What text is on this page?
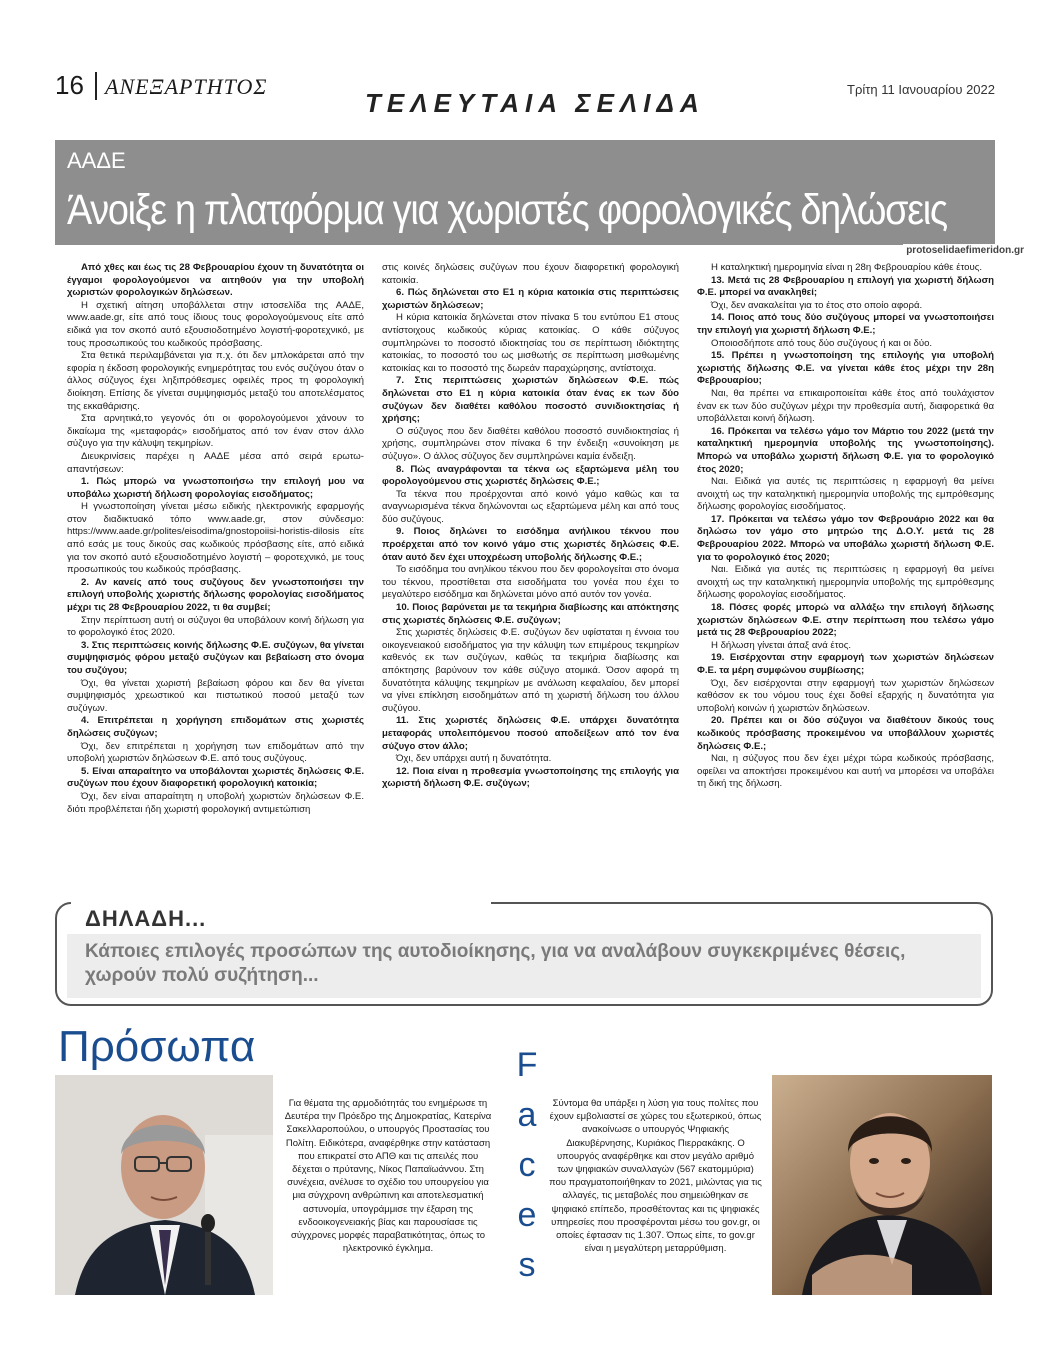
16 ΑΝΕΞΑΡΤΗΤΟΣ
ΤΕΛΕΥΤΑΙΑ ΣΕΛΙΔΑ	Τρίτη 11 Ιανουαρίου 2022
ΑΑΔΕ
Άνοιξε η πλατφόρμα για χωριστές φορολογικές δηλώσεις
protoselidaefimeridon.gr

Από χθες και έως τις 28 Φεβρουαρίου έχουν τη δυνατότητα οι έγγαμοι φορολογούμενοι να αιτηθούν για την υποβολή χωριστών φορολογικών δηλώσεων.

Η σχετική αίτηση υποβάλλεται στην ιστοσελίδα της ΑΑΔΕ, www.aade.gr, είτε από τους ίδιους τους φορολογούμενους είτε από ειδικά για τον σκοπό αυτό εξουσιοδοτημένο λογιστή-φοροτεχνικό, με τους προσωπικούς του κωδικούς πρόσβασης.

Στα θετικά περιλαμβάνεται για π.χ. ότι δεν μπλοκάρεται από την εφορία η έκδοση φορολογικής ενημερότητας του ενός συζύγου όταν ο άλλος σύζυγος έχει ληξιπρόθεσμες οφειλές προς τη φορολογική διοίκηση. Επίσης δε γίνεται συμψηφισμός μεταξύ του αποτελέσματος της εκκαθάρισης.

Στα αρνητικά,το γεγονός ότι οι φορολογούμενοι χάνουν το δικαίωμα της «μεταφοράς» εισοδήματος από τον έναν στον άλλο σύζυγο για την κάλυψη τεκμηρίων.

Διευκρινίσεις παρέχει η ΑΑΔΕ μέσα από σειρά ερωτω-απαντήσεων:

1. Πώς μπορώ να γνωστοποιήσω την επιλογή μου να υποβάλω χωριστή δήλωση φορολογίας εισοδήματος;

Η γνωστοποίηση γίνεται μέσω ειδικής ηλεκτρονικής εφαρμογής στον διαδικτυακό τόπο www.aade.gr, στον σύνδεσμο: https://www.aade.gr/polites/eisodima/gnostopoiisi-horistis-dilosis είτε από εσάς με τους δικούς σας κωδικούς πρόσβασης είτε, από ειδικά για τον σκοπό αυτό εξουσιοδοτημένο λογιστή – φοροτεχνικό, με τους προσωπικούς του κωδικούς πρόσβασης.

2. Αν κανείς από τους συζύγους δεν γνωστοποιήσει την επιλογή υποβολής χωριστής δήλωσης φορολογίας εισοδήματος μέχρι τις 28 Φεβρουαρίου 2022, τι θα συμβεί;

Στην περίπτωση αυτή οι σύζυγοι θα υποβάλουν κοινή δήλωση για το φορολογικό έτος 2020.

3. Στις περιπτώσεις κοινής δήλωσης Φ.Ε. συζύγων, θα γίνεται συμψηφισμός φόρου μεταξύ συζύγων και βεβαίωση στο όνομα του συζύγου;

Όχι, θα γίνεται χωριστή βεβαίωση φόρου και δεν θα γίνεται συμψηφισμός χρεωστικού και πιστωτικού ποσού μεταξύ των συζύγων.

4. Επιτρέπεται η χορήγηση επιδομάτων στις χωριστές δηλώσεις συζύγων;

Όχι, δεν επιτρέπεται η χορήγηση των επιδομάτων από την υποβολή χωριστών δηλώσεων Φ.Ε. από τους συζύγους.

5. Είναι απαραίτητο να υποβάλονται χωριστές δηλώσεις Φ.Ε. συζύγων που έχουν διαφορετική φορολογική κατοικία;

Όχι, δεν είναι απαραίτητη η υποβολή χωριστών δηλώσεων Φ.Ε. διότι προβλέπεται ήδη χωριστή φορολογική αντιμετώπιση

στις κοινές δηλώσεις συζύγων που έχουν διαφορετική φορολογική κατοικία.

6. Πώς δηλώνεται στο Ε1 η κύρια κατοικία στις περιπτώσεις χωριστών δηλώσεων;

Η κύρια κατοικία δηλώνεται στον πίνακα 5 του εντύπου Ε1 στους αντίστοιχους κωδικούς κύριας κατοικίας. Ο κάθε σύζυγος συμπληρώνει το ποσοστό ιδιοκτησίας του σε περίπτωση ιδιόκτητης κατοικίας, το ποσοστό του ως μισθωτής σε περίπτωση μισθωμένης κατοικίας και το ποσοστό της δωρεάν παραχώρησης, αντίστοιχα.

7. Στις περιπτώσεις χωριστών δηλώσεων Φ.Ε. πώς δηλώνεται στο Ε1 η κύρια κατοικία όταν ένας εκ των δύο συζύγων δεν διαθέτει καθόλου ποσοστό συνιδιοκτησίας ή χρήσης;

Ο σύζυγος που δεν διαθέτει καθόλου ποσοστό συνιδιοκτησίας ή χρήσης, συμπληρώνει στον πίνακα 6 την ένδειξη «συνοίκηση με σύζυγο». Ο άλλος σύζυγος δεν συμπληρώνει καμία ένδειξη.

8. Πώς αναγράφονται τα τέκνα ως εξαρτώμενα μέλη του φορολογούμενου στις χωριστές δηλώσεις Φ.Ε.;

Τα τέκνα που προέρχονται από κοινό γάμο καθώς και τα αναγνωρισμένα τέκνα δηλώνονται ως εξαρτώμενα μέλη και από τους δύο συζύγους.

9. Ποιος δηλώνει το εισόδημα ανήλικου τέκνου που προέρχεται από τον κοινό γάμο στις χωριστές δηλώσεις Φ.Ε. όταν αυτό δεν έχει υποχρέωση υποβολής δήλωσης Φ.Ε.;

Το εισόδημα του ανηλίκου τέκνου που δεν φορολογείται στο όνομα του τέκνου, προστίθεται στα εισοδήματα του γονέα που έχει το μεγαλύτερο εισόδημα και δηλώνεται μόνο από αυτόν τον γονέα.

10. Ποιος βαρύνεται με τα τεκμήρια διαβίωσης και απόκτησης στις χωριστές δηλώσεις Φ.Ε. συζύγων;

Στις χωριστές δηλώσεις Φ.Ε. συζύγων δεν υφίσταται η έννοια του οικογενειακού εισοδήματος για την κάλυψη των επιμέρους τεκμηρίων καθενός εκ των συζύγων, καθώς τα τεκμήρια διαβίωσης και απόκτησης βαρύνουν τον κάθε σύζυγο ατομικά. Όσον αφορά τη δυνατότητα κάλυψης τεκμηρίων με ανάλωση κεφαλαίου, δεν μπορεί να γίνει επίκληση εισοδημάτων από τη χωριστή δήλωση του άλλου συζύγου.

11. Στις χωριστές δηλώσεις Φ.Ε. υπάρχει δυνατότητα μεταφοράς υπολειπόμενου ποσού αποδείξεων από τον ένα σύζυγο στον άλλο;

Όχι, δεν υπάρχει αυτή η δυνατότητα.

12. Ποια είναι η προθεσμία γνωστοποίησης της επιλογής για χωριστή δήλωση Φ.Ε. συζύγων;

Η καταληκτική ημερομηνία είναι η 28η Φεβρουαρίου κάθε έτους.

13. Μετά τις 28 Φεβρουαρίου η επιλογή για χωριστή δήλωση Φ.Ε. μπορεί να ανακληθεί;

Όχι, δεν ανακαλείται για το έτος στο οποίο αφορά.

14. Ποιος από τους δύο συζύγους μπορεί να γνωστοποιήσει την επιλογή για χωριστή δήλωση Φ.Ε.;

Οποιοσδήποτε από τους δύο συζύγους ή και οι δύο.

15. Πρέπει η γνωστοποίηση της επιλογής για υποβολή χωριστής δήλωσης Φ.Ε. να γίνεται κάθε έτος μέχρι την 28η Φεβρουαρίου;

Ναι, θα πρέπει να επικαιροποιείται κάθε έτος από τουλάχιστον έναν εκ των δύο συζύγων μέχρι την προθεσμία αυτή, διαφορετικά θα υποβάλλεται κοινή δήλωση.

16. Πρόκειται να τελέσω γάμο τον Μάρτιο του 2022 (μετά την καταληκτική ημερομηνία υποβολής της γνωστοποίησης). Μπορώ να υποβάλω χωριστή δήλωση Φ.Ε. για το φορολογικό έτος 2020;

Ναι. Ειδικά για αυτές τις περιπτώσεις η εφαρμογή θα μείνει ανοιχτή ως την καταληκτική ημερομηνία υποβολής της εμπρόθεσμης δήλωσης φορολογίας εισοδήματος.

17. Πρόκειται να τελέσω γάμο τον Φεβρουάριο 2022 και θα δηλώσω τον γάμο στο μητρώο της Δ.Ο.Υ. μετά τις 28 Φεβρουαρίου 2022. Μπορώ να υποβάλω χωριστή δήλωση Φ.Ε. για το φορολογικό έτος 2020;

Ναι. Ειδικά για αυτές τις περιπτώσεις η εφαρμογή θα μείνει ανοιχτή ως την καταληκτική ημερομηνία υποβολής της εμπρόθεσμης δήλωσης φορολογίας εισοδήματος.

18. Πόσες φορές μπορώ να αλλάξω την επιλογή δήλωσης χωριστών δηλώσεων Φ.Ε. στην περίπτωση που τελέσω γάμο μετά τις 28 Φεβρουαρίου 2022;

Η δήλωση γίνεται άπαξ ανά έτος.

19. Εισέρχονται στην εφαρμογή των χωριστών δηλώσεων Φ.Ε. τα μέρη συμφώνου συμβίωσης;

Όχι, δεν εισέρχονται στην εφαρμογή των χωριστών δηλώσεων καθόσον εκ του νόμου τους έχει δοθεί εξαρχής η δυνατότητα για υποβολή κοινών ή χωριστών δηλώσεων.

20. Πρέπει και οι δύο σύζυγοι να διαθέτουν δικούς τους κωδικούς πρόσβασης προκειμένου να υποβάλλουν χωριστές δηλώσεις Φ.Ε.;

Ναι, η σύζυγος που δεν έχει μέχρι τώρα κωδικούς πρόσβασης, οφείλει να αποκτήσει προκειμένου και αυτή να μπορέσει να υποβάλει τη δική της δήλωση.

ΔΗΛΑΔΗ...
Κάποιες επιλογές προσώπων της αυτοδιοίκησης, για να αναλάβουν συγκεκριμένες θέσεις, χωρούν πολύ συζήτηση...
Πρόσωπα	F
a
c
e
s
Για θέματα της αρμοδιότητάς του ενημέρωσε τη Δευτέρα την Πρόεδρο της Δημοκρατίας, Κατερίνα Σακελλαροπούλου, ο υπουργός Προστασίας του Πολίτη. Ειδικότερα, αναφέρθηκε στην κατάσταση που επικρατεί στο ΑΠΘ και τις απειλές που δέχεται ο πρύτανης, Νίκος Παπαϊωάννου. Στη συνέχεια, ανέλυσε το σχέδιο του υπουργείου για μια σύγχρονη ανθρώπινη και αποτελεσματική αστυνομία, υπογράμμισε την έξαρση της ενδοοικογενειακής βίας και παρουσίασε τις σύγχρονες μορφές παραβατικότητας, όπως το ηλεκτρονικό έγκλημα.
Σύντομα θα υπάρξει η λύση για τους πολίτες που έχουν εμβολιαστεί σε χώρες του εξωτερικού, όπως ανακοίνωσε ο υπουργός Ψηφιακής Διακυβέρνησης, Κυριάκος Πιερρακάκης. Ο υπουργός αναφέρθηκε και στον μεγάλο αριθμό των ψηφιακών συναλλαγών (567 εκατομμύρια) που πραγματοποιήθηκαν το 2021, μιλώντας για τις αλλαγές, τις μεταβολές που σημειώθηκαν σε ψηφιακό επίπεδο, προσθέτοντας και τις ψηφιακές υπηρεσίες που προσφέρονται μέσω του gov.gr, οι οποίες έφτασαν τις 1.307. Όπως είπε, το gov.gr είναι η μεγαλύτερη μεταρρύθμιση.
